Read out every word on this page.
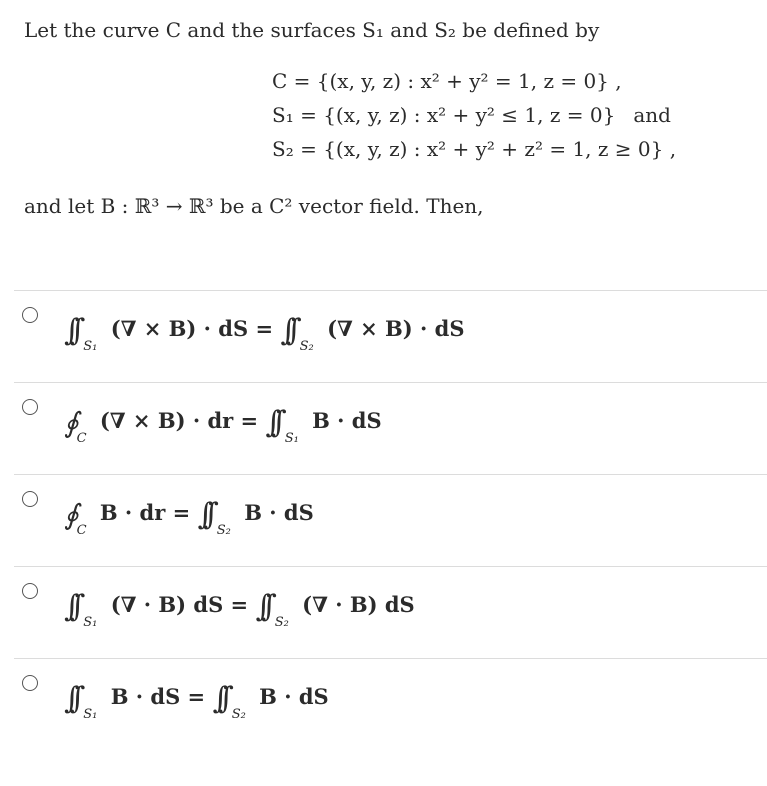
Let the curve C and the surfaces S₁ and S₂ be defined by
C = {(x, y, z) : x² + y² = 1, z = 0} ,
S₁ = {(x, y, z) : x² + y² ≤ 1, z = 0} and
S₂ = {(x, y, z) : x² + y² + z² = 1, z ≥ 0} ,
and let B : ℝ³ → ℝ³ be a C² vector field. Then,
∫∫ $_{S_1}$ (∇ × B) · dS = ∫∫ $_{S_2}$ (∇ × B) · dS
$∮_C$ (∇ × B) · dr = ∫∫ $_{S_1}$ B · dS
$∮_C$ B · dr = ∫∫ $_{S_2}$ B · dS
∫∫ $_{S_1}$ (∇ · B) dS = ∫∫ $_{S_2}$ (∇ · B) dS
∫∫ $_{S_1}$ B · dS = ∫∫ $_{S_2}$ B · dS
